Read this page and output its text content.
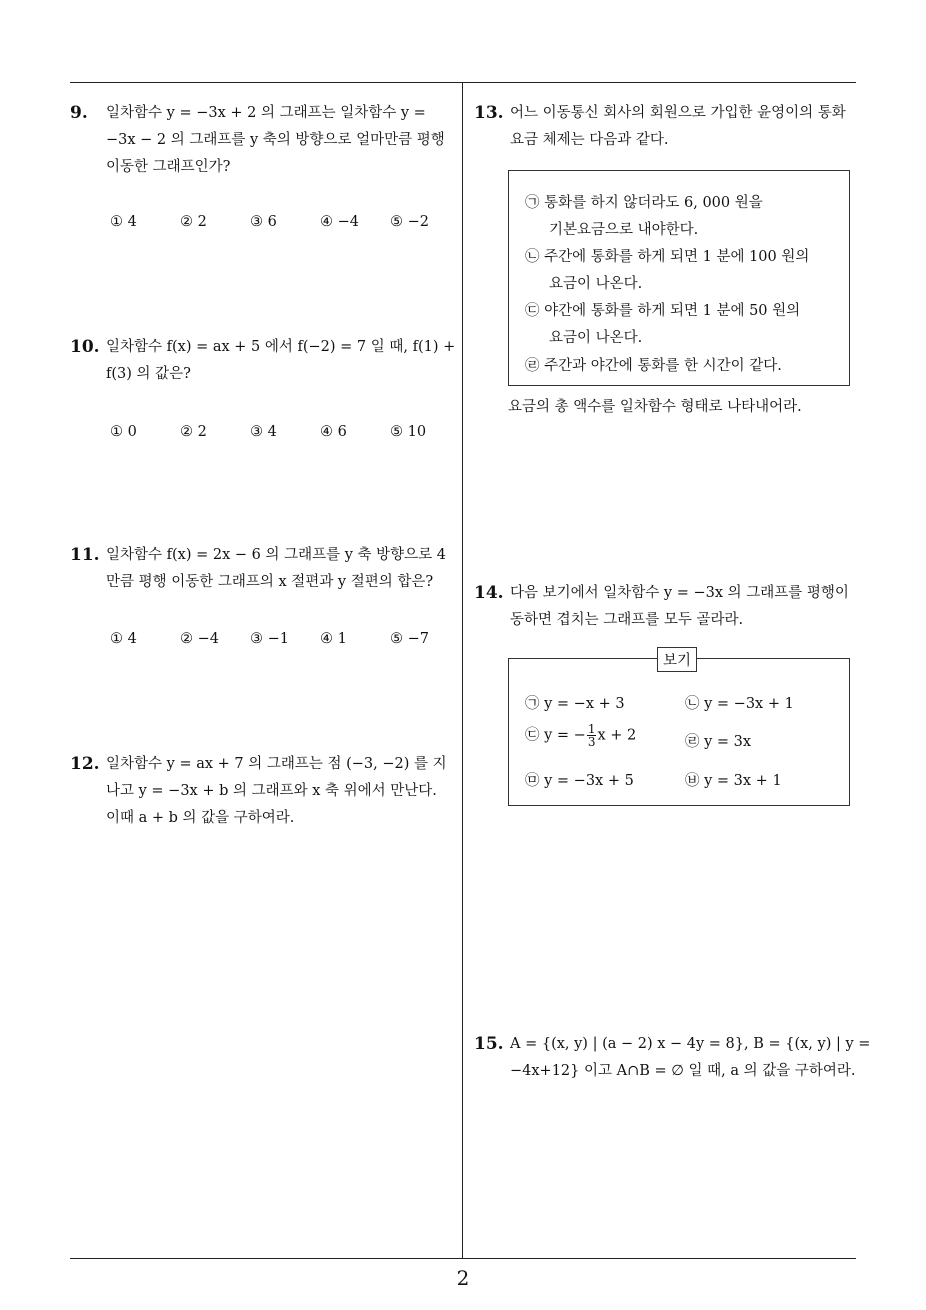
2
9. 일차함수 y = −3x + 2 의 그래프는 일차함수 y =
−3x − 2 의 그래프를 y 축의 방향으로 얼마만큼 평행
이동한 그래프인가?
① 4	② 2	③ 6	④ −4	⑤ −2
10. 일차함수 f(x) = ax + 5 에서 f(−2) = 7 일 때, f(1) +
f(3) 의 값은?
① 0	② 2	③ 4	④ 6	⑤ 10
11. 일차함수 f(x) = 2x − 6 의 그래프를 y 축 방향으로 4
만큼 평행 이동한 그래프의 x 절편과 y 절편의 합은?
① 4	② −4	③ −1	④ 1	⑤ −7
12. 일차함수 y = ax + 7 의 그래프는 점 (−3, −2) 를 지
나고 y = −3x + b 의 그래프와 x 축 위에서 만난다.
이때 a + b 의 값을 구하여라.
13. 어느 이동통신 회사의 회원으로 가입한 윤영이의 통화
요금 체제는 다음과 같다.
㉠ 통화를 하지 않더라도 6, 000 원을
기본요금으로 내야한다.
㉡ 주간에 통화를 하게 되면 1 분에 100 원의
요금이 나온다.
㉢ 야간에 통화를 하게 되면 1 분에 50 원의
요금이 나온다.
㉣ 주간과 야간에 통화를 한 시간이 같다.
요금의 총 액수를 일차함수 형태로 나타내어라.
14. 다음 보기에서 일차함수 y = −3x 의 그래프를 평행이
동하면 겹치는 그래프를 모두 골라라.
㉠ y = −x + 3	㉡ y = −3x + 1
㉢ y = − $\frac{1}{3}$ x + 2	㉣ y = 3x
㉤ y = −3x + 5	㉥ y = 3x + 1
보기
15. A = {(x, y) | (a − 2) x − 4y = 8}, B = {(x, y) | y =
−4x+12} 이고 A∩B = ∅ 일 때, a 의 값을 구하여라.
